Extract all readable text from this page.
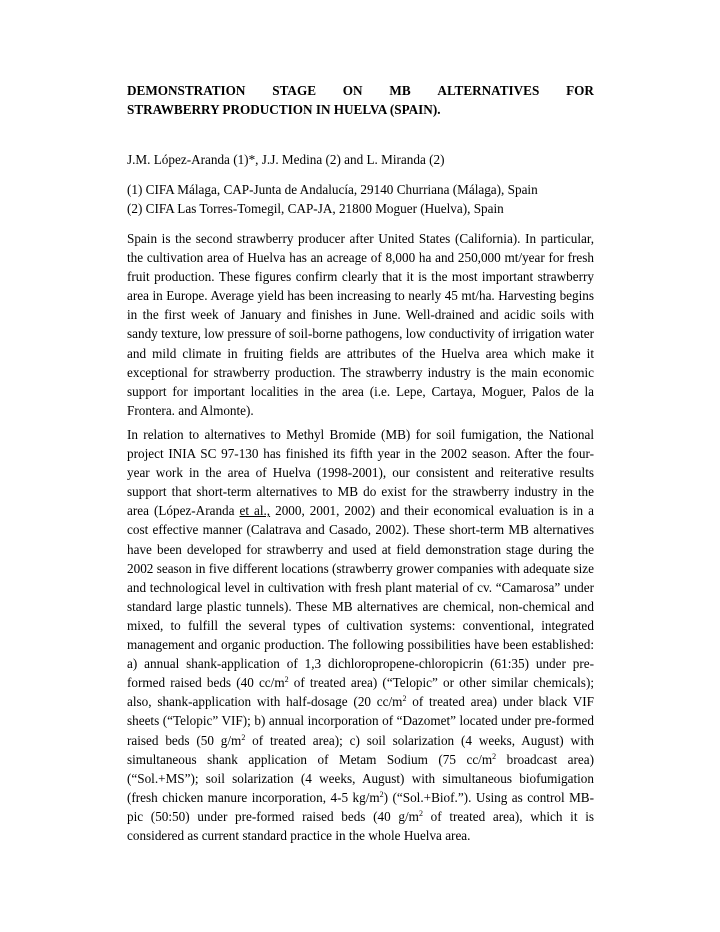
DEMONSTRATION STAGE ON MB ALTERNATIVES FOR
STRAWBERRY PRODUCTION IN HUELVA (SPAIN).
J.M. López-Aranda (1)*, J.J. Medina (2) and L. Miranda (2)
(1) CIFA Málaga, CAP-Junta de Andalucía, 29140 Churriana (Málaga), Spain
(2) CIFA Las Torres-Tomegil, CAP-JA, 21800 Moguer (Huelva), Spain

Spain is the second strawberry producer after United States (California). In particular, the cultivation area of Huelva has an acreage of 8,000 ha and 250,000 mt/year for fresh fruit production. These figures confirm clearly that it is the most important strawberry area in Europe. Average yield has been increasing to nearly 45 mt/ha. Harvesting begins in the first week of January and finishes in June. Well-drained and acidic soils with sandy texture, low pressure of soil-borne pathogens, low conductivity of irrigation water and mild climate in fruiting fields are attributes of the Huelva area which make it exceptional for strawberry production. The strawberry industry is the main economic support for important localities in the area (i.e. Lepe, Cartaya, Moguer, Palos de la Frontera. and Almonte).

In relation to alternatives to Methyl Bromide (MB) for soil fumigation, the National project INIA SC 97-130 has finished its fifth year in the 2002 season. After the four-year work in the area of Huelva (1998-2001), our consistent and reiterative results support that short-term alternatives to MB do exist for the strawberry industry in the area (López-Aranda et al., 2000, 2001, 2002) and their economical evaluation is in a cost effective manner (Calatrava and Casado, 2002). These short-term MB alternatives have been developed for strawberry and used at field demonstration stage during the 2002 season in five different locations (strawberry grower companies with adequate size and technological level in cultivation with fresh plant material of cv. “Camarosa” under standard large plastic tunnels). These MB alternatives are chemical, non-chemical and mixed, to fulfill the several types of cultivation systems: conventional, integrated management and organic production. The following possibilities have been established: a) annual shank-application of 1,3 dichloropropene-chloropicrin (61:35) under pre-formed raised beds (40 $cc/m^2$ of treated area) (“Telopic” or other similar chemicals); also, shank-application with half-dosage (20 $cc/m^2$ of treated area) under black VIF sheets (“Telopic” VIF); b) annual incorporation of “Dazomet” located under pre-formed raised beds (50 $g/m^2$ of treated area); c) soil solarization (4 weeks, August) with simultaneous shank application of Metam Sodium (75 $cc/m^2$ broadcast area) (“Sol.+MS”); soil solarization (4 weeks, August) with simultaneous biofumigation (fresh chicken manure incorporation, 4-5 $kg/m^2$) (“Sol.+Biof.”). Using as control MB-pic (50:50) under pre-formed raised beds (40 $g/m^2$ of treated area), which it is considered as current standard practice in the whole Huelva area.
